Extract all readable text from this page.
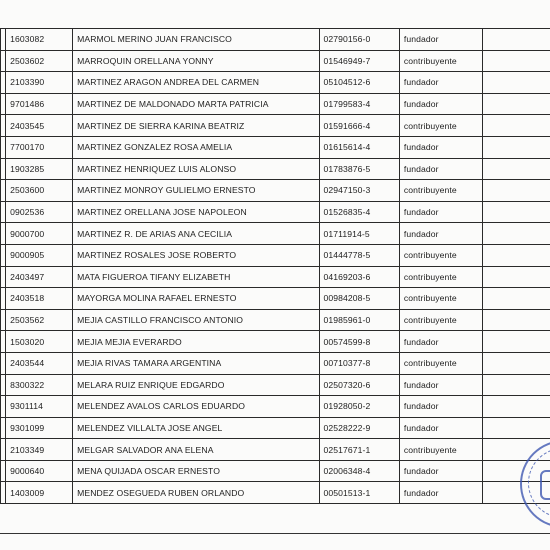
	1603082	MARMOL MERINO JUAN FRANCISCO	02790156-0	fundador	
	2503602	MARROQUIN ORELLANA YONNY	01546949-7	contribuyente	
	2103390	MARTINEZ ARAGON ANDREA DEL CARMEN	05104512-6	fundador	
	9701486	MARTINEZ DE MALDONADO MARTA PATRICIA	01799583-4	fundador	
	2403545	MARTINEZ DE SIERRA KARINA BEATRIZ	01591666-4	contribuyente	
	7700170	MARTINEZ GONZALEZ ROSA AMELIA	01615614-4	fundador	
	1903285	MARTINEZ HENRIQUEZ LUIS ALONSO	01783876-5	fundador	
	2503600	MARTINEZ MONROY GULIELMO ERNESTO	02947150-3	contribuyente	
	0902536	MARTINEZ ORELLANA JOSE NAPOLEON	01526835-4	fundador	
	9000700	MARTINEZ R. DE ARIAS ANA CECILIA	01711914-5	fundador	
	9000905	MARTINEZ ROSALES JOSE ROBERTO	01444778-5	contribuyente	
	2403497	MATA FIGUEROA TIFANY ELIZABETH	04169203-6	contribuyente	
	2403518	MAYORGA MOLINA RAFAEL ERNESTO	00984208-5	contribuyente	
	2503562	MEJIA CASTILLO FRANCISCO ANTONIO	01985961-0	contribuyente	
	1503020	MEJIA MEJIA EVERARDO	00574599-8	fundador	
	2403544	MEJIA RIVAS TAMARA ARGENTINA	00710377-8	contribuyente	
	8300322	MELARA RUIZ ENRIQUE EDGARDO	02507320-6	fundador	
	9301114	MELENDEZ AVALOS CARLOS EDUARDO	01928050-2	fundador	
	9301099	MELENDEZ VILLALTA JOSE ANGEL	02528222-9	fundador	
	2103349	MELGAR SALVADOR ANA ELENA	02517671-1	contribuyente	
	9000640	MENA QUIJADA OSCAR ERNESTO	02006348-4	fundador	
	1403009	MENDEZ OSEGUEDA RUBEN ORLANDO	00501513-1	fundador	
